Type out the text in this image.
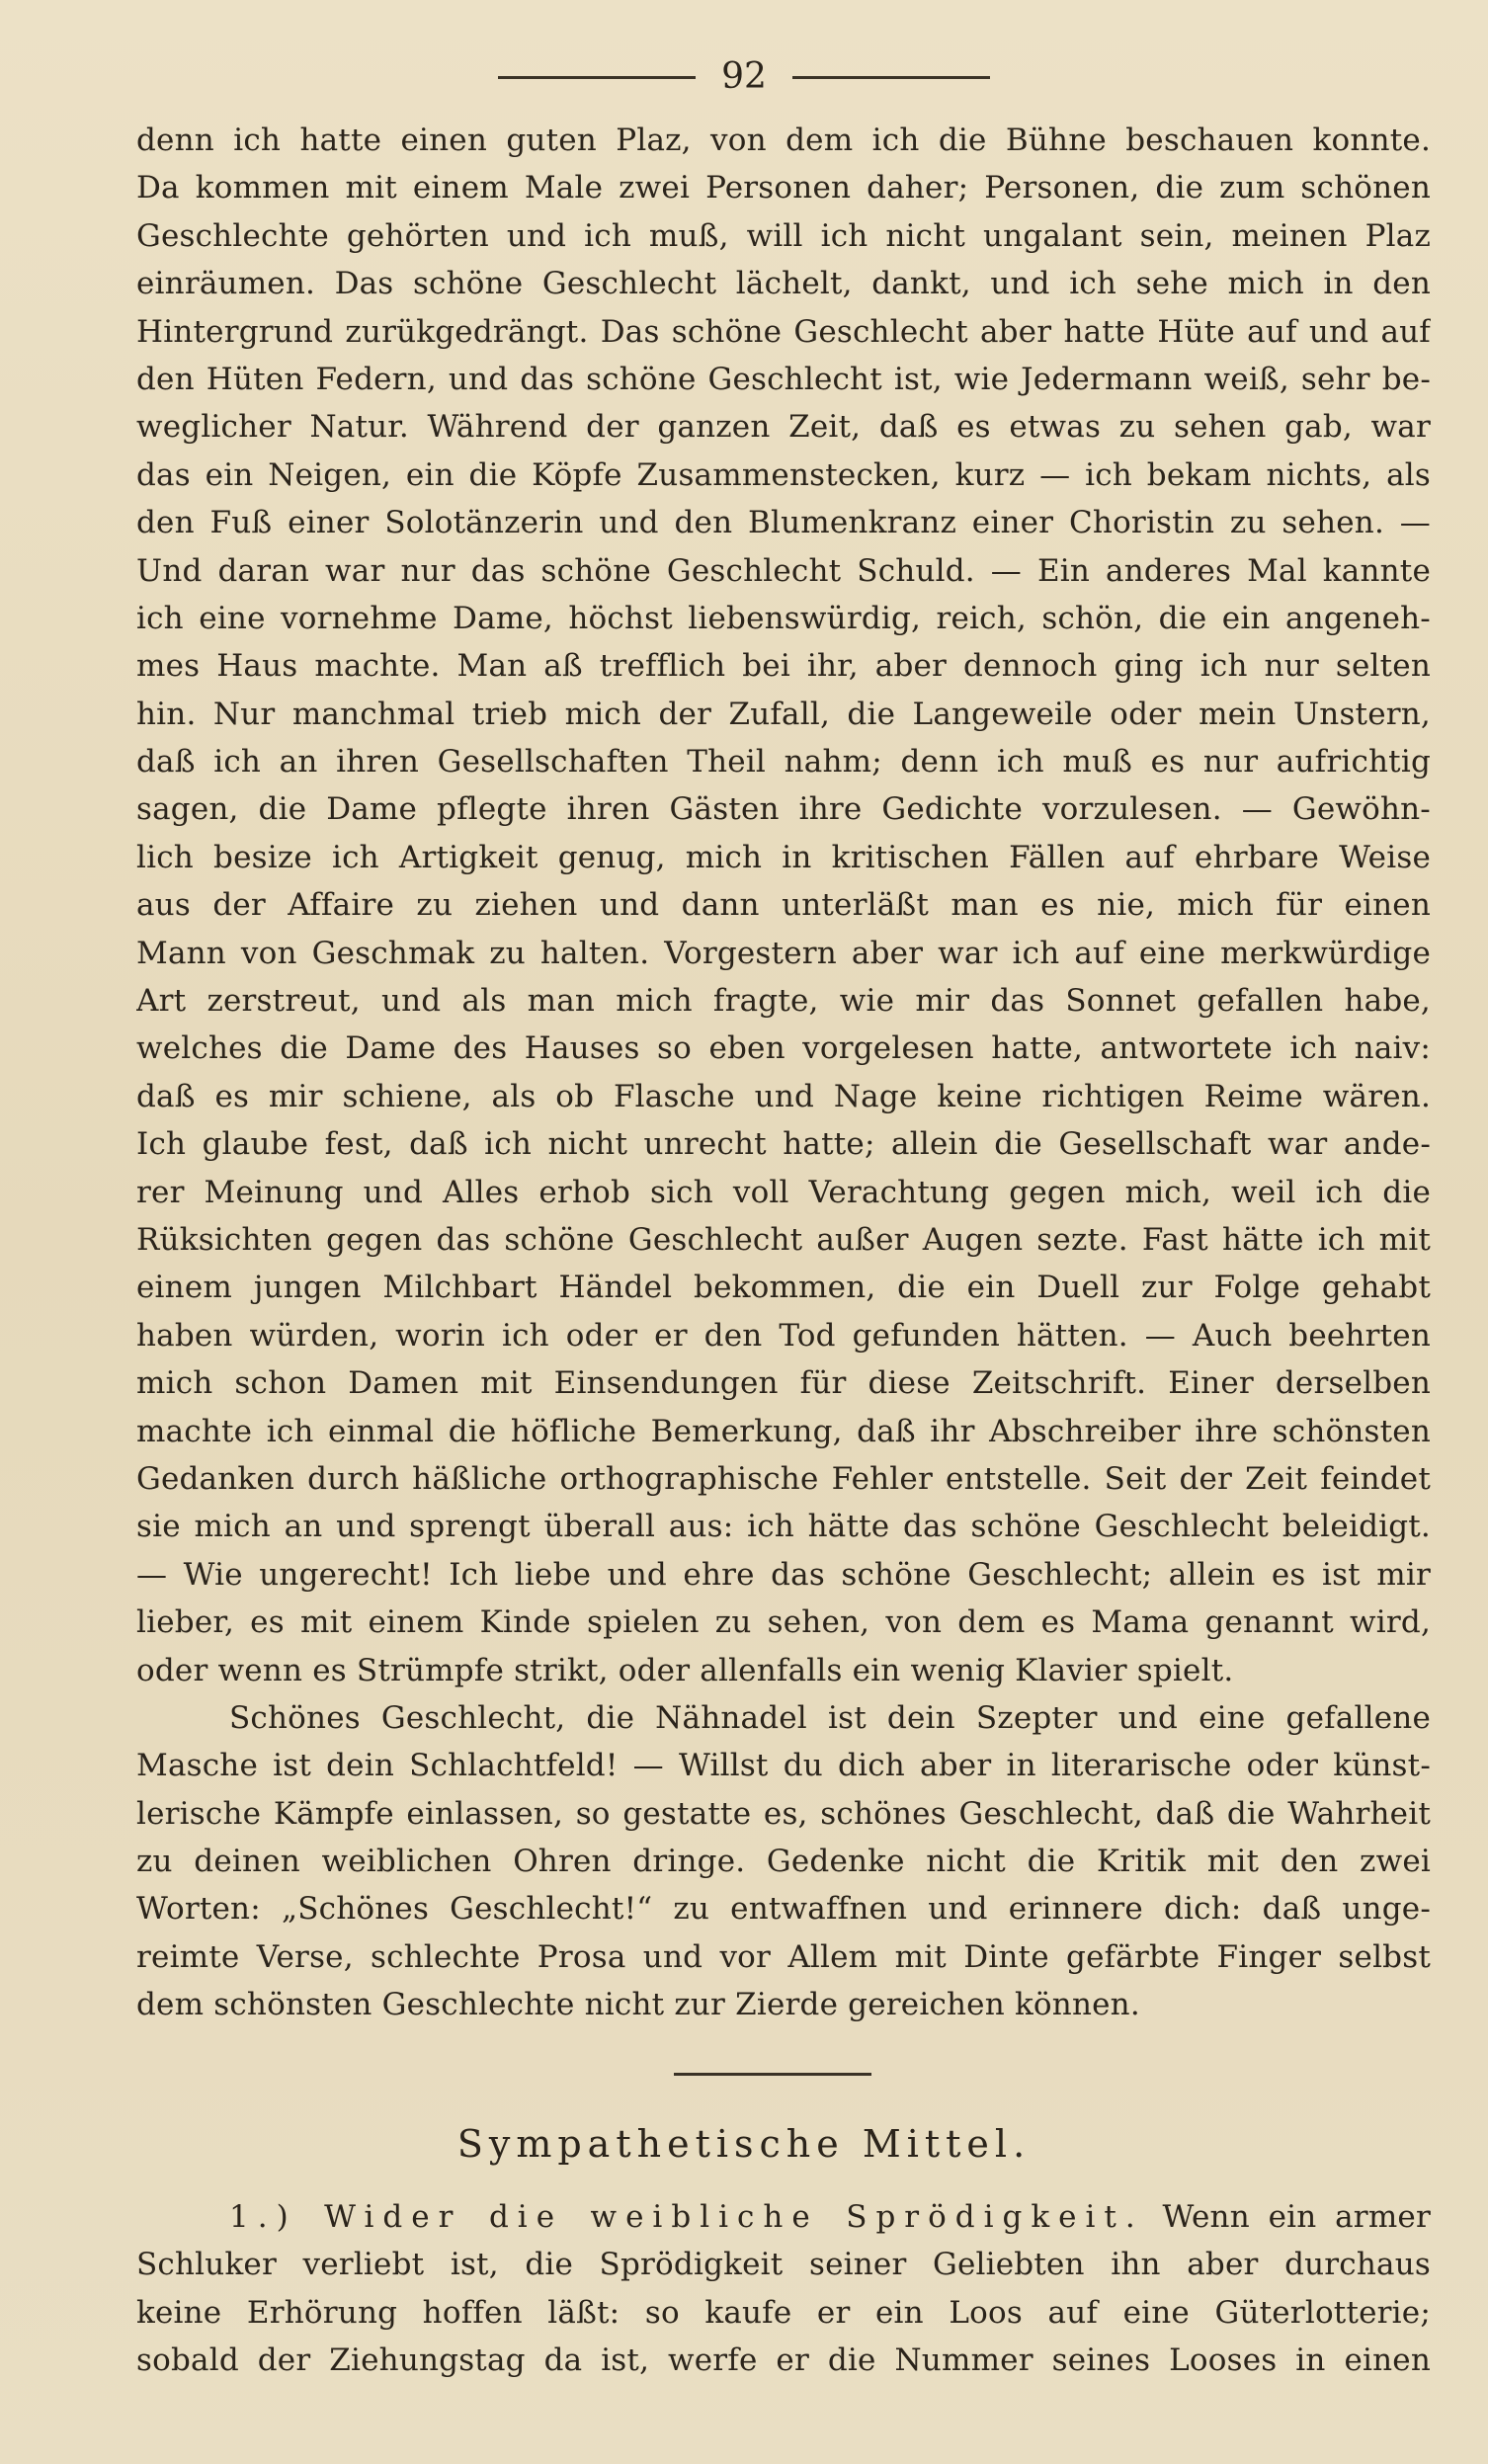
92
denn ich hatte einen guten Plaz, von dem ich die Bühne beschauen konnte.
Da kommen mit einem Male zwei Personen daher; Personen, die zum schönen
Geschlechte gehörten und ich muß, will ich nicht ungalant sein, meinen Plaz
einräumen. Das schöne Geschlecht lächelt, dankt, und ich sehe mich in den
Hintergrund zurükgedrängt. Das schöne Geschlecht aber hatte Hüte auf und auf
den Hüten Federn, und das schöne Geschlecht ist, wie Jedermann weiß, sehr be-
weglicher Natur. Während der ganzen Zeit, daß es etwas zu sehen gab, war
das ein Neigen, ein die Köpfe Zusammenstecken, kurz — ich bekam nichts, als
den Fuß einer Solotänzerin und den Blumenkranz einer Choristin zu sehen. —
Und daran war nur das schöne Geschlecht Schuld. — Ein anderes Mal kannte
ich eine vornehme Dame, höchst liebenswürdig, reich, schön, die ein angeneh-
mes Haus machte. Man aß trefflich bei ihr, aber dennoch ging ich nur selten
hin. Nur manchmal trieb mich der Zufall, die Langeweile oder mein Unstern,
daß ich an ihren Gesellschaften Theil nahm; denn ich muß es nur aufrichtig
sagen, die Dame pflegte ihren Gästen ihre Gedichte vorzulesen. — Gewöhn-
lich besize ich Artigkeit genug, mich in kritischen Fällen auf ehrbare Weise
aus der Affaire zu ziehen und dann unterläßt man es nie, mich für einen
Mann von Geschmak zu halten. Vorgestern aber war ich auf eine merkwürdige
Art zerstreut, und als man mich fragte, wie mir das Sonnet gefallen habe,
welches die Dame des Hauses so eben vorgelesen hatte, antwortete ich naiv:
daß es mir schiene, als ob Flasche und Nage keine richtigen Reime wären.
Ich glaube fest, daß ich nicht unrecht hatte; allein die Gesellschaft war ande-
rer Meinung und Alles erhob sich voll Verachtung gegen mich, weil ich die
Rüksichten gegen das schöne Geschlecht außer Augen sezte. Fast hätte ich mit
einem jungen Milchbart Händel bekommen, die ein Duell zur Folge gehabt
haben würden, worin ich oder er den Tod gefunden hätten. — Auch beehrten
mich schon Damen mit Einsendungen für diese Zeitschrift. Einer derselben
machte ich einmal die höfliche Bemerkung, daß ihr Abschreiber ihre schönsten
Gedanken durch häßliche orthographische Fehler entstelle. Seit der Zeit feindet
sie mich an und sprengt überall aus: ich hätte das schöne Geschlecht beleidigt.
— Wie ungerecht! Ich liebe und ehre das schöne Geschlecht; allein es ist mir
lieber, es mit einem Kinde spielen zu sehen, von dem es Mama genannt wird,
oder wenn es Strümpfe strikt, oder allenfalls ein wenig Klavier spielt.
Schönes Geschlecht, die Nähnadel ist dein Szepter und eine gefallene
Masche ist dein Schlachtfeld! — Willst du dich aber in literarische oder künst-
lerische Kämpfe einlassen, so gestatte es, schönes Geschlecht, daß die Wahrheit
zu deinen weiblichen Ohren dringe. Gedenke nicht die Kritik mit den zwei
Worten: „Schönes Geschlecht!“ zu entwaffnen und erinnere dich: daß unge-
reimte Verse, schlechte Prosa und vor Allem mit Dinte gefärbte Finger selbst
dem schönsten Geschlechte nicht zur Zierde gereichen können.
Sympathetische Mittel.
1.) Wider die weibliche Sprödigkeit. Wenn ein armer
Schluker verliebt ist, die Sprödigkeit seiner Geliebten ihn aber durchaus
keine Erhörung hoffen läßt: so kaufe er ein Loos auf eine Güterlotterie;
sobald der Ziehungstag da ist, werfe er die Nummer seines Looses in einen
